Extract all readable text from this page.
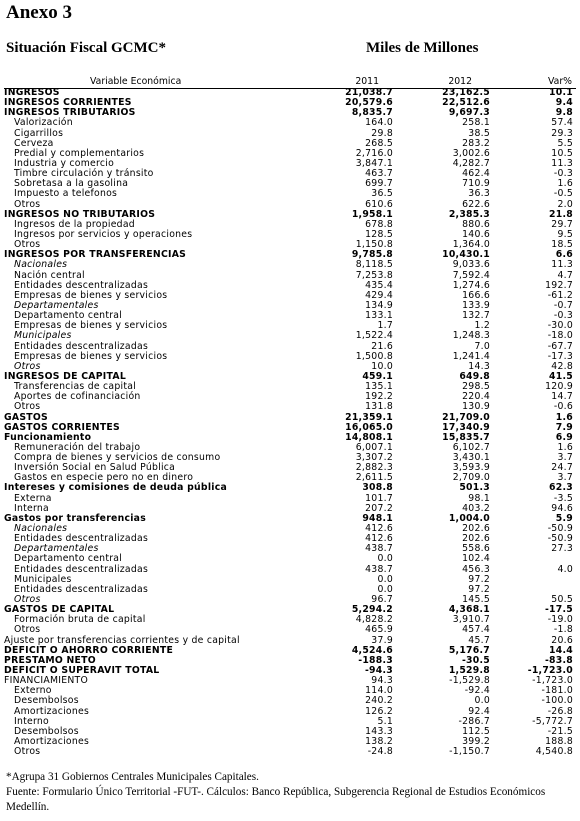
Anexo 3
Situación Fiscal GCMC*	Miles de Millones
Variable Económica	2011	2012	Var%
INGRESOS	21,038.7	23,162.5	10.1
INGRESOS CORRIENTES	20,579.6	22,512.6	9.4
INGRESOS TRIBUTARIOS	8,835.7	9,697.3	9.8
Valorización	164.0	258.1	57.4
Cigarrillos	29.8	38.5	29.3
Cerveza	268.5	283.2	5.5
Predial y complementarios	2,716.0	3,002.6	10.5
Industria y comercio	3,847.1	4,282.7	11.3
Timbre circulación y tránsito	463.7	462.4	-0.3
Sobretasa a la gasolina	699.7	710.9	1.6
Impuesto a telefonos	36.5	36.3	-0.5
Otros	610.6	622.6	2.0
INGRESOS NO TRIBUTARIOS	1,958.1	2,385.3	21.8
Ingresos de la propiedad	678.8	880.6	29.7
Ingresos por servicios y operaciones	128.5	140.6	9.5
Otros	1,150.8	1,364.0	18.5
INGRESOS POR TRANSFERENCIAS	9,785.8	10,430.1	6.6
Nacionales	8,118.5	9,033.6	11.3
Nación central	7,253.8	7,592.4	4.7
Entidades descentralizadas	435.4	1,274.6	192.7
Empresas de bienes y servicios	429.4	166.6	-61.2
Departamentales	134.9	133.9	-0.7
Departamento central	133.1	132.7	-0.3
Empresas de bienes y servicios	1.7	1.2	-30.0
Municipales	1,522.4	1,248.3	-18.0
Entidades descentralizadas	21.6	7.0	-67.7
Empresas de bienes y servicios	1,500.8	1,241.4	-17.3
Otros	10.0	14.3	42.8
INGRESOS DE CAPITAL	459.1	649.8	41.5
Transferencias de capital	135.1	298.5	120.9
Aportes de cofinanciación	192.2	220.4	14.7
Otros	131.8	130.9	-0.6
GASTOS	21,359.1	21,709.0	1.6
GASTOS CORRIENTES	16,065.0	17,340.9	7.9
Funcionamiento	14,808.1	15,835.7	6.9
Remuneración del trabajo	6,007.1	6,102.7	1.6
Compra de bienes y servicios de consumo	3,307.2	3,430.1	3.7
Inversión Social en Salud Pública	2,882.3	3,593.9	24.7
Gastos en especie pero no en dinero	2,611.5	2,709.0	3.7
Intereses y comisiones de deuda pública	308.8	501.3	62.3
Externa	101.7	98.1	-3.5
Interna	207.2	403.2	94.6
Gastos por transferencias	948.1	1,004.0	5.9
Nacionales	412.6	202.6	-50.9
Entidades descentralizadas	412.6	202.6	-50.9
Departamentales	438.7	558.6	27.3
Departamento central	0.0	102.4
Entidades descentralizadas	438.7	456.3	4.0
Municipales	0.0	97.2
Entidades descentralizadas	0.0	97.2
Otros	96.7	145.5	50.5
GASTOS DE CAPITAL	5,294.2	4,368.1	-17.5
Formación bruta de capital	4,828.2	3,910.7	-19.0
Otros	465.9	457.4	-1.8
Ajuste por transferencias corrientes y de capital	37.9	45.7	20.6
DEFICIT O AHORRO CORRIENTE	4,524.6	5,176.7	14.4
PRESTAMO NETO	-188.3	-30.5	-83.8
DEFICIT O SUPERAVIT TOTAL	-94.3	1,529.8	-1,723.0
FINANCIAMIENTO	94.3	-1,529.8	-1,723.0
Externo	114.0	-92.4	-181.0
Desembolsos	240.2	0.0	-100.0
Amortizaciones	126.2	92.4	-26.8
Interno	5.1	-286.7	-5,772.7
Desembolsos	143.3	112.5	-21.5
Amortizaciones	138.2	399.2	188.8
Otros	-24.8	-1,150.7	4,540.8
*Agrupa 31 Gobiernos Centrales Municipales Capitales.
Fuente: Formulario Único Territorial -FUT-. Cálculos: Banco República, Subgerencia Regional de Estudios Económicos Medellín.
